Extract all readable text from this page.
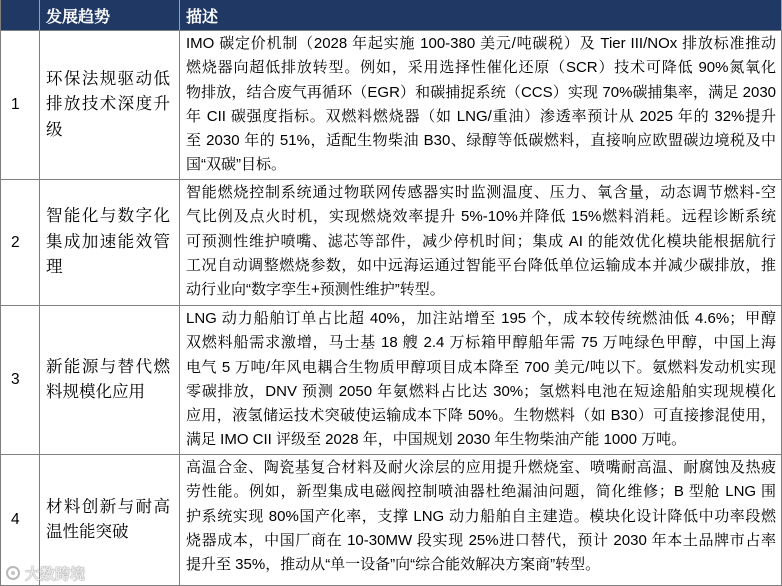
发展趋势	描述
1
环保法规驱动低
排放技术深度升
级
IMO 碳定价机制（2028 年起实施 100-380 美元/吨碳税）及 Tier III/NOx 排放标准推动
燃烧器向超低排放转型。例如，采用选择性催化还原（SCR）技术可降低 90%氮氧化
物排放，结合废气再循环（EGR）和碳捕捉系统（CCS）实现 70%碳捕集率，满足 2030
年 CII 碳强度指标。双燃料燃烧器（如 LNG/重油）渗透率预计从 2025 年的 32%提升
至 2030 年的 51%，适配生物柴油 B30、绿醇等低碳燃料，直接响应欧盟碳边境税及中
国“双碳”目标。
2
智能化与数字化
集成加速能效管
理
智能燃烧控制系统通过物联网传感器实时监测温度、压力、氧含量，动态调节燃料-空
气比例及点火时机，实现燃烧效率提升 5%-10%并降低 15%燃料消耗。远程诊断系统
可预测性维护喷嘴、滤芯等部件，减少停机时间；集成 AI 的能效优化模块能根据航行
工况自动调整燃烧参数，如中远海运通过智能平台降低单位运输成本并减少碳排放，推
动行业向“数字孪生+预测性维护”转型。
3
新能源与替代燃
料规模化应用
LNG 动力船舶订单占比超 40%，加注站增至 195 个，成本较传统燃油低 4.6%；甲醇
双燃料船需求激增，马士基 18 艘 2.4 万标箱甲醇船年需 75 万吨绿色甲醇，中国上海
电气 5 万吨/年风电耦合生物质甲醇项目成本降至 700 美元/吨以下。氨燃料发动机实现
零碳排放，DNV 预测 2050 年氨燃料占比达 30%；氢燃料电池在短途船舶实现规模化
应用，液氢储运技术突破使运输成本下降 50%。生物燃料（如 B30）可直接掺混使用，
满足 IMO CII 评级至 2028 年，中国规划 2030 年生物柴油产能 1000 万吨。
4
材料创新与耐高
温性能突破
高温合金、陶瓷基复合材料及耐火涂层的应用提升燃烧室、喷嘴耐高温、耐腐蚀及热疲
劳性能。例如，新型集成电磁阀控制喷油器杜绝漏油问题，简化维修；B 型舱 LNG 围
护系统实现 80%国产化率，支撑 LNG 动力船舶自主建造。模块化设计降低中功率段燃
烧器成本，中国厂商在 10-30MW 段实现 25%进口替代，预计 2030 年本土品牌市占率
提升至 35%，推动从“单一设备”向“综合能效解决方案商”转型。
大数跨境
